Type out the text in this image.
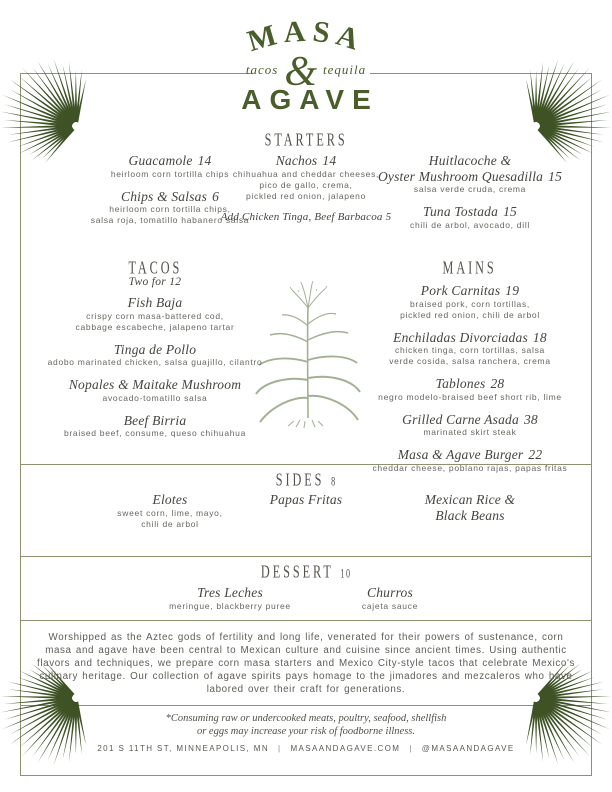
MASA
$^{tacos}$ & $^{tequila}$
AGAVE
STARTERS
Guacamole 14
heirloom corn tortilla chips
Chips & Salsas 6
heirloom corn tortilla chips,
salsa roja, tomatillo habanero salsa
Nachos 14
chihuahua and cheddar cheeses,
pico de gallo, crema,
pickled red onion, jalapeno
Add Chicken Tinga, Beef Barbacoa 5
Huitlacoche &
Oyster Mushroom Quesadilla 15
salsa verde cruda, crema
Tuna Tostada 15
chili de arbol, avocado, dill
TACOS
Two for 12
Fish Baja
crispy corn masa-battered cod,
cabbage escabeche, jalapeno tartar
Tinga de Pollo
adobo marinated chicken, salsa guajillo, cilantro
Nopales & Maitake Mushroom
avocado-tomatillo salsa
Beef Birria
braised beef, consume, queso chihuahua
MAINS
Pork Carnitas 19
braised pork, corn tortillas,
pickled red onion, chili de arbol
Enchiladas Divorciadas 18
chicken tinga, corn tortillas, salsa
verde cosida, salsa ranchera, crema
Tablones 28
negro modelo-braised beef short rib, lime
Grilled Carne Asada 38
marinated skirt steak
Masa & Agave Burger 22
cheddar cheese, poblano rajas, papas fritas
SIDES 8
Elotes
sweet corn, lime, mayo,
chili de arbol
Papas Fritas	Mexican Rice &
Black Beans
DESSERT 10
Tres Leches
meringue, blackberry puree
Churros
cajeta sauce
Worshipped as the Aztec gods of fertility and long life, venerated for their powers of sustenance, corn masa and agave have been central to Mexican culture and cuisine since ancient times. Using authentic flavors and techniques, we prepare corn masa starters and Mexico City-style tacos that celebrate Mexico's culinary heritage. Our collection of agave spirits pays homage to the jimadores and mezcaleros who have labored over their craft for generations.
*Consuming raw or undercooked meats, poultry, seafood, shellfish
or eggs may increase your risk of foodborne illness.
201 S 11TH ST, MINNEAPOLIS, MN | MASAANDAGAVE.COM | @MASAANDAGAVE
